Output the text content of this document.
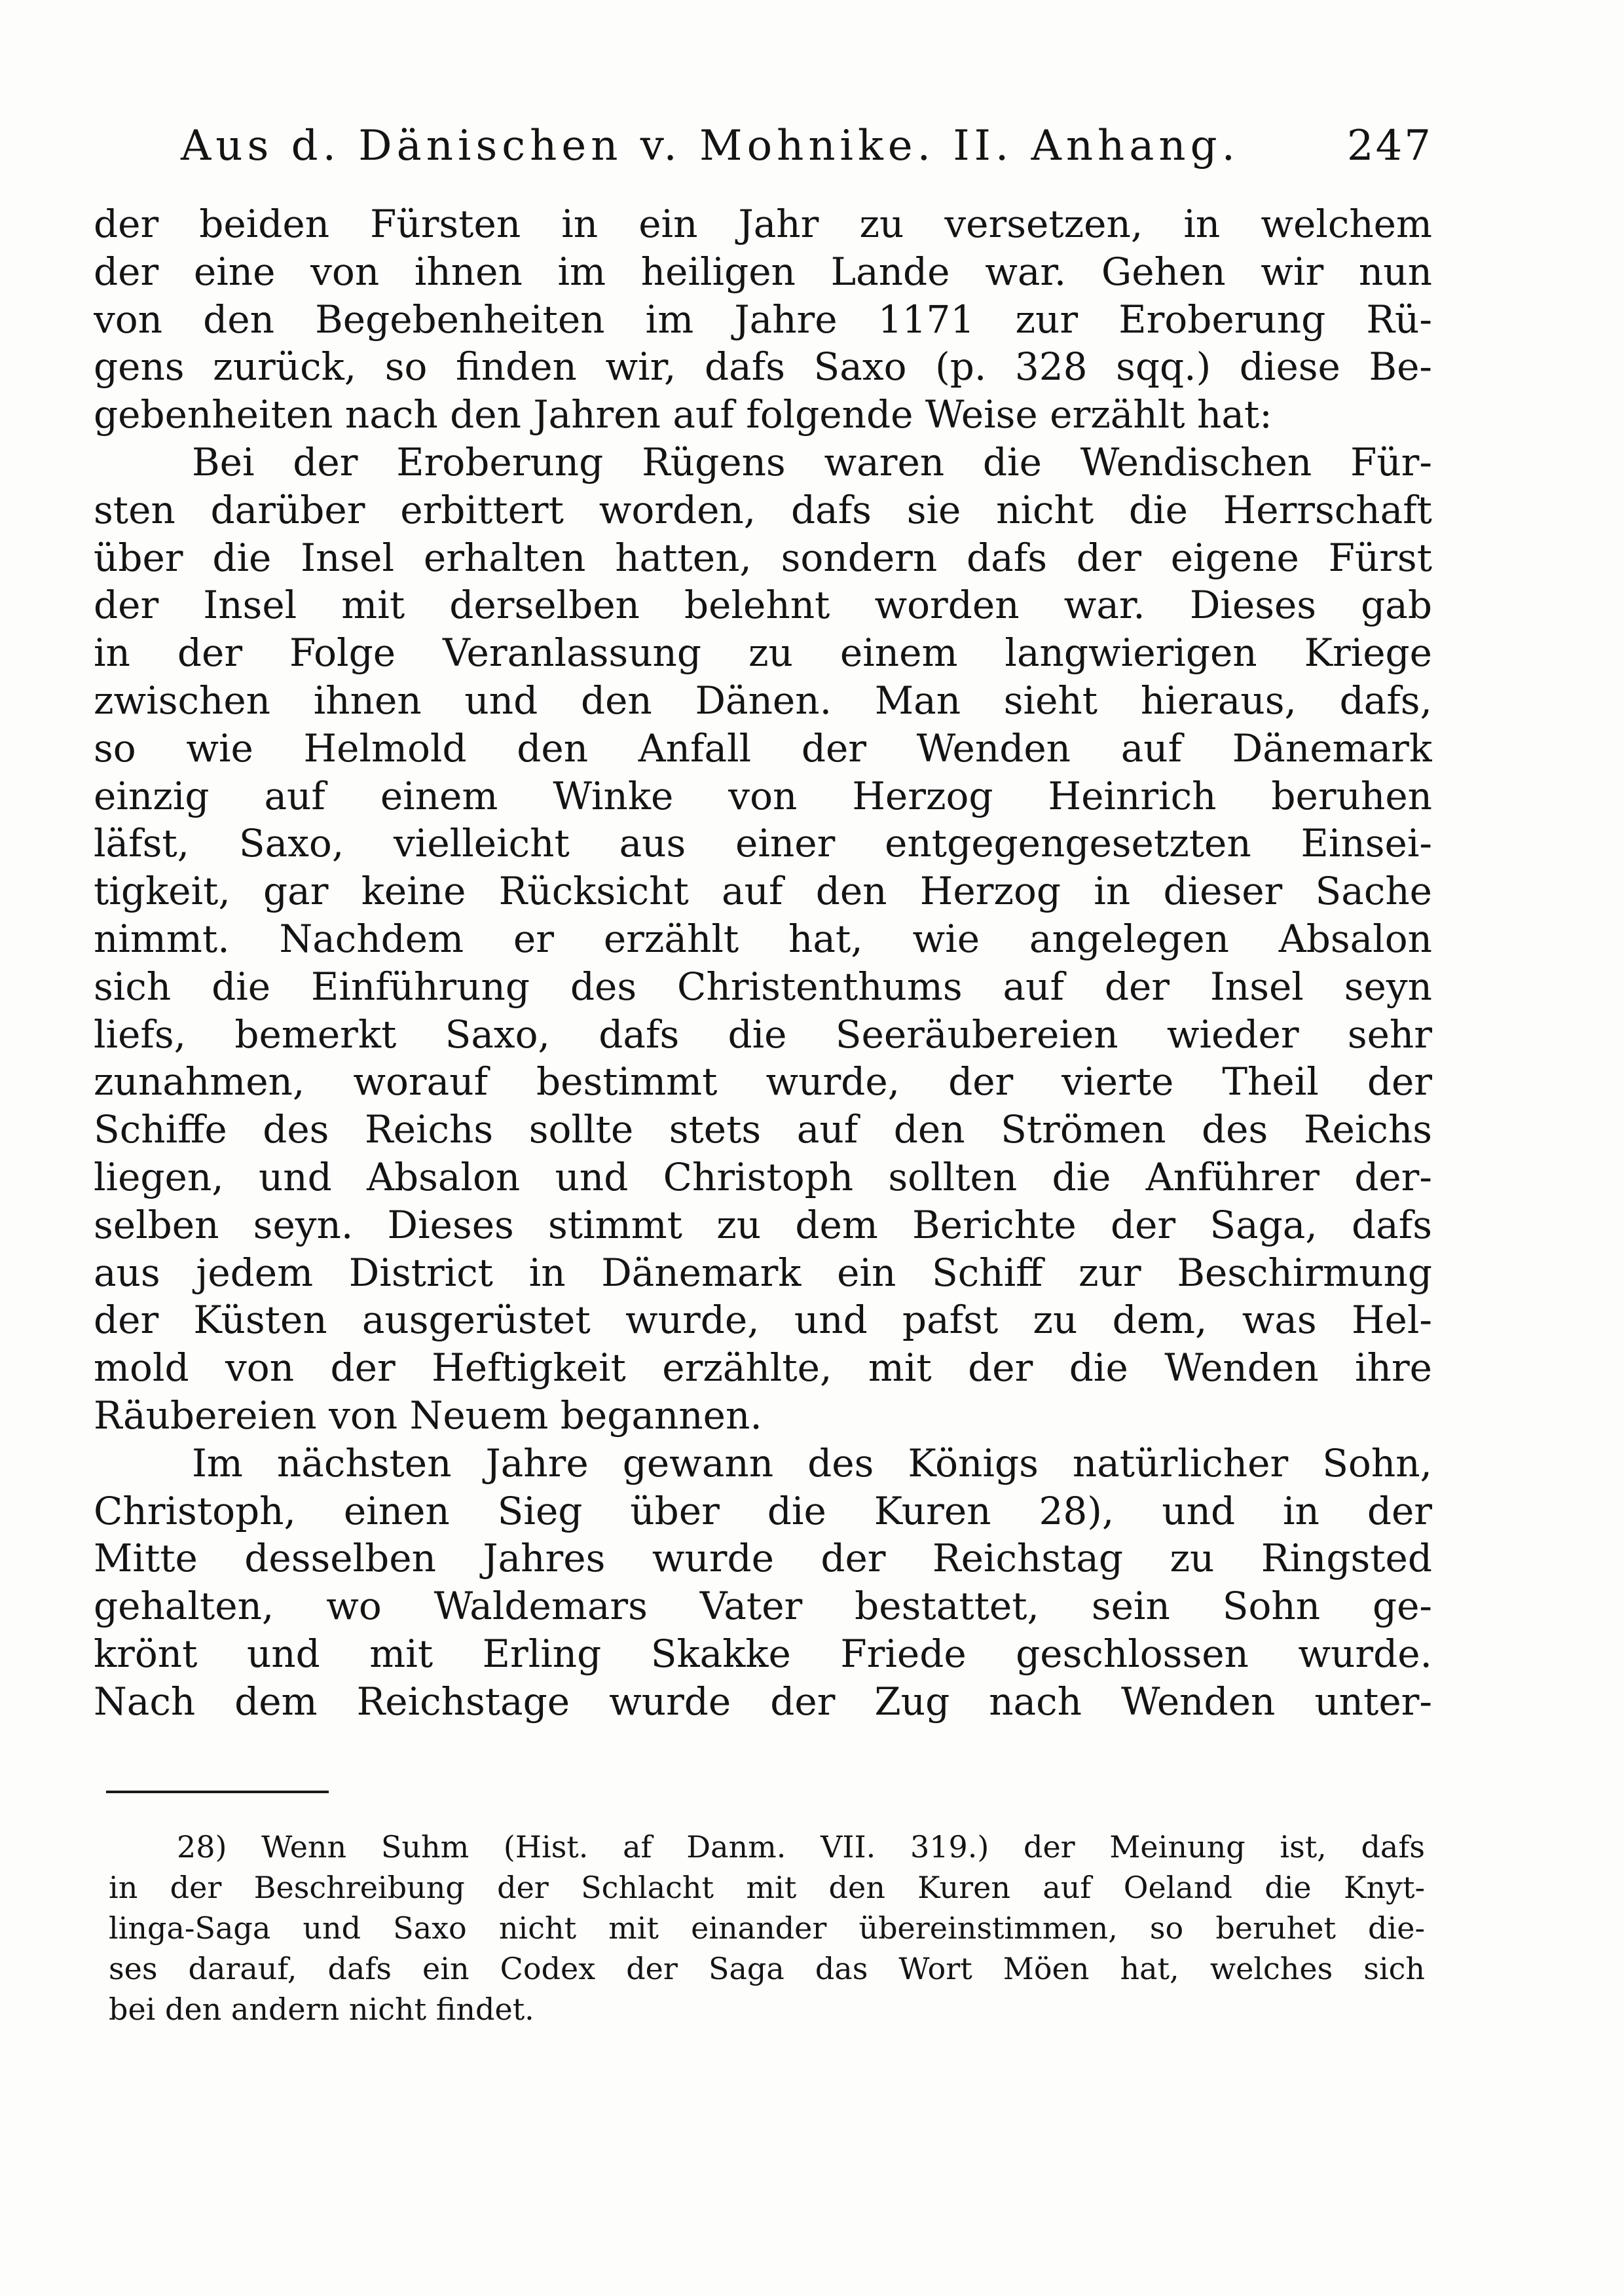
Aus d. Dänischen v. Mohnike. II. Anhang.	247
der beiden Fürsten in ein Jahr zu versetzen, in welchem
der eine von ihnen im heiligen Lande war. Gehen wir nun
von den Begebenheiten im Jahre 1171 zur Eroberung Rü-
gens zurück, so finden wir, dafs Saxo (p. 328 sqq.) diese Be-
gebenheiten nach den Jahren auf folgende Weise erzählt hat:
Bei der Eroberung Rügens waren die Wendischen Für-
sten darüber erbittert worden, dafs sie nicht die Herrschaft
über die Insel erhalten hatten, sondern dafs der eigene Fürst
der Insel mit derselben belehnt worden war. Dieses gab
in der Folge Veranlassung zu einem langwierigen Kriege
zwischen ihnen und den Dänen. Man sieht hieraus, dafs,
so wie Helmold den Anfall der Wenden auf Dänemark
einzig auf einem Winke von Herzog Heinrich beruhen
läfst, Saxo, vielleicht aus einer entgegengesetzten Einsei-
tigkeit, gar keine Rücksicht auf den Herzog in dieser Sache
nimmt. Nachdem er erzählt hat, wie angelegen Absalon
sich die Einführung des Christenthums auf der Insel seyn
liefs, bemerkt Saxo, dafs die Seeräubereien wieder sehr
zunahmen, worauf bestimmt wurde, der vierte Theil der
Schiffe des Reichs sollte stets auf den Strömen des Reichs
liegen, und Absalon und Christoph sollten die Anführer der-
selben seyn. Dieses stimmt zu dem Berichte der Saga, dafs
aus jedem District in Dänemark ein Schiff zur Beschirmung
der Küsten ausgerüstet wurde, und pafst zu dem, was Hel-
mold von der Heftigkeit erzählte, mit der die Wenden ihre
Räubereien von Neuem begannen.
Im nächsten Jahre gewann des Königs natürlicher Sohn,
Christoph, einen Sieg über die Kuren 28), und in der
Mitte desselben Jahres wurde der Reichstag zu Ringsted
gehalten, wo Waldemars Vater bestattet, sein Sohn ge-
krönt und mit Erling Skakke Friede geschlossen wurde.
Nach dem Reichstage wurde der Zug nach Wenden unter-
28) Wenn Suhm (Hist. af Danm. VII. 319.) der Meinung ist, dafs
in der Beschreibung der Schlacht mit den Kuren auf Oeland die Knyt-
linga-Saga und Saxo nicht mit einander übereinstimmen, so beruhet die-
ses darauf, dafs ein Codex der Saga das Wort Möen hat, welches sich
bei den andern nicht findet.
